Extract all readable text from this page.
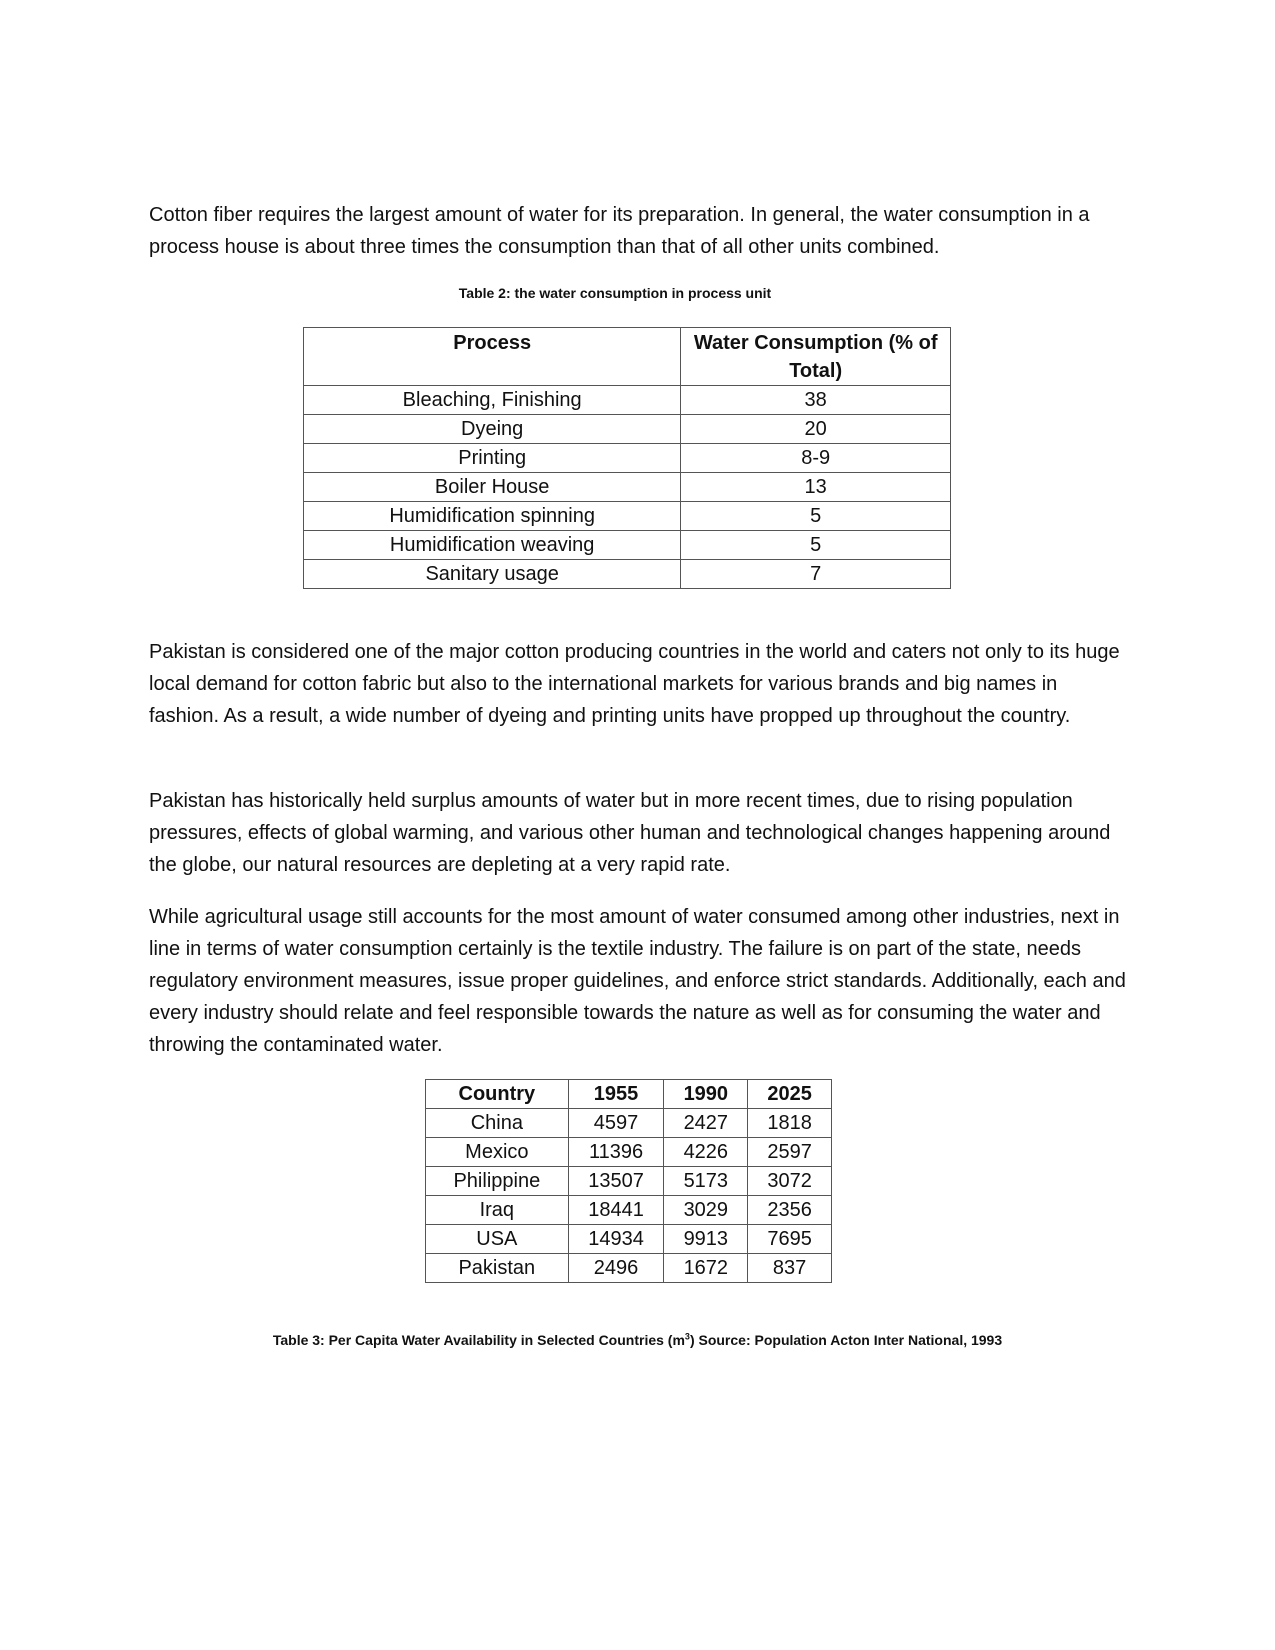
Cotton fiber requires the largest amount of water for its preparation. In general, the water consumption in a process house is about three times the consumption than that of all other units combined.

Table 2: the water consumption in process unit

Process	Water Consumption (% of Total)
Bleaching, Finishing	38
Dyeing	20
Printing	8-9
Boiler House	13
Humidification spinning	5
Humidification weaving	5
Sanitary usage	7

Pakistan is considered one of the major cotton producing countries in the world and caters not only to its huge local demand for cotton fabric but also to the international markets for various brands and big names in fashion. As a result, a wide number of dyeing and printing units have propped up throughout the country.

Pakistan has historically held surplus amounts of water but in more recent times, due to rising population pressures, effects of global warming, and various other human and technological changes happening around the globe, our natural resources are depleting at a very rapid rate.

While agricultural usage still accounts for the most amount of water consumed among other industries, next in line in terms of water consumption certainly is the textile industry. The failure is on part of the state, needs regulatory environment measures, issue proper guidelines, and enforce strict standards. Additionally, each and every industry should relate and feel responsible towards the nature as well as for consuming the water and throwing the contaminated water.

Country	1955	1990	2025
China	4597	2427	1818
Mexico	11396	4226	2597
Philippine	13507	5173	3072
Iraq	18441	3029	2356
USA	14934	9913	7695
Pakistan	2496	1672	837

Table 3: Per Capita Water Availability in Selected Countries $(m^3)$ Source: Population Acton Inter National, 1993
